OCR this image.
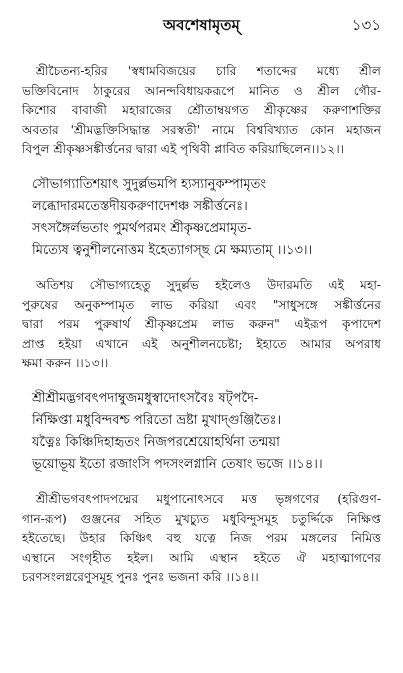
অবশেষামৃতম্	১৩১
শ্রীচৈতন্য-হরির 'স্বধামবিজয়ের চারি শতাব্দের মধ্যে শ্রীল
ভক্তিবিনোদ ঠাকুরের আনন্দবিধায়করূপে মানিত ও শ্রীল গৌর-
কিশোর বাবাজী মহারাজের শ্রৌতাম্বয়গত শ্রীকৃষ্ণের করুণাশক্তির
অবতার 'শ্রীমদ্ভক্তিসিদ্ধান্ত সরস্বতী' নামে বিশ্ববিখ্যাত কোন মহাজন
বিপুল শ্রীকৃষ্ণসঙ্কীর্ত্তনের দ্বারা এই পৃথিবী প্লাবিত করিয়াছিলেন।।১২।।
সৌভাগ্যাতিশয়াৎ সুদুর্ল্লভমপি হ্যস্যানুকম্পামৃতং
লব্ধোদারমতেস্তদীয়করুণাদেশঞ্চ সঙ্কীর্ত্তনেঃ।
সৎসঙ্গৈর্লভতাং পুমর্থপরমং শ্রীকৃষ্ণপ্রেমামৃত-
মিত্যেষ ত্বনুশীলনোত্তম ইহেত্যাগস্ছ মে ক্ষম্যতাম্ ।।১৩।।
অতিশয় সৌভাগ্যহেতু সুদুর্ল্লভ হইলেও উদারমতি এই মহা-
পুরুষের অনুকম্পামৃত লাভ করিয়া এবং "সাধুসঙ্গে সঙ্কীর্ত্তনের
দ্বারা পরম পুরুষার্থ শ্রীকৃষ্ণপ্রেম লাভ করুন" এইরূপ কৃপাদেশ
প্রাপ্ত হইয়া এখানে এই অনুশীলনচেষ্টা; ইহাতে আমার অপরাধ
ক্ষমা করুন ।।১৩।।
শ্রীশ্রীমদ্ভগবৎপদাম্বুজমধুস্বাদোৎসবৈঃ ষট্পদৈ-
র্নিক্ষিপ্তা মধুবিন্দবশ্চ পরিতো ভ্রষ্টা মুখাদ্গুঞ্জিতৈঃ।
যত্নৈঃ কিঞ্চিদিহাহৃতং নিজপরশ্রেয়োহর্থিনা তন্ময়া
ভূয়োভূয় ইতো রজাংসি পদসংলগ্নানি তেষাং ভজে ।।১৪।।
শ্রীশ্রীভগবৎপাদপদ্মের মধুপানোৎসবে মত্ত ভৃঙ্গগণের (হরিগুণ-
গান-রূপ) গুঞ্জনের সহিত মুখচ্যুত মধুবিন্দুসমূহ চতুর্দ্দিকে নিক্ষিপ্ত
হইতেছে। উহার কিঞ্চিৎ বহু যত্নে নিজ পরম মঙ্গলের নিমিত্ত
এস্থানে সংগৃহীত হইল। আমি এস্থান হইতে ঐ মহাত্মাগণের
চরণসংলগ্নরেণুসমূহ পুনঃ পুনঃ ভজনা করি ।।১৪।।
